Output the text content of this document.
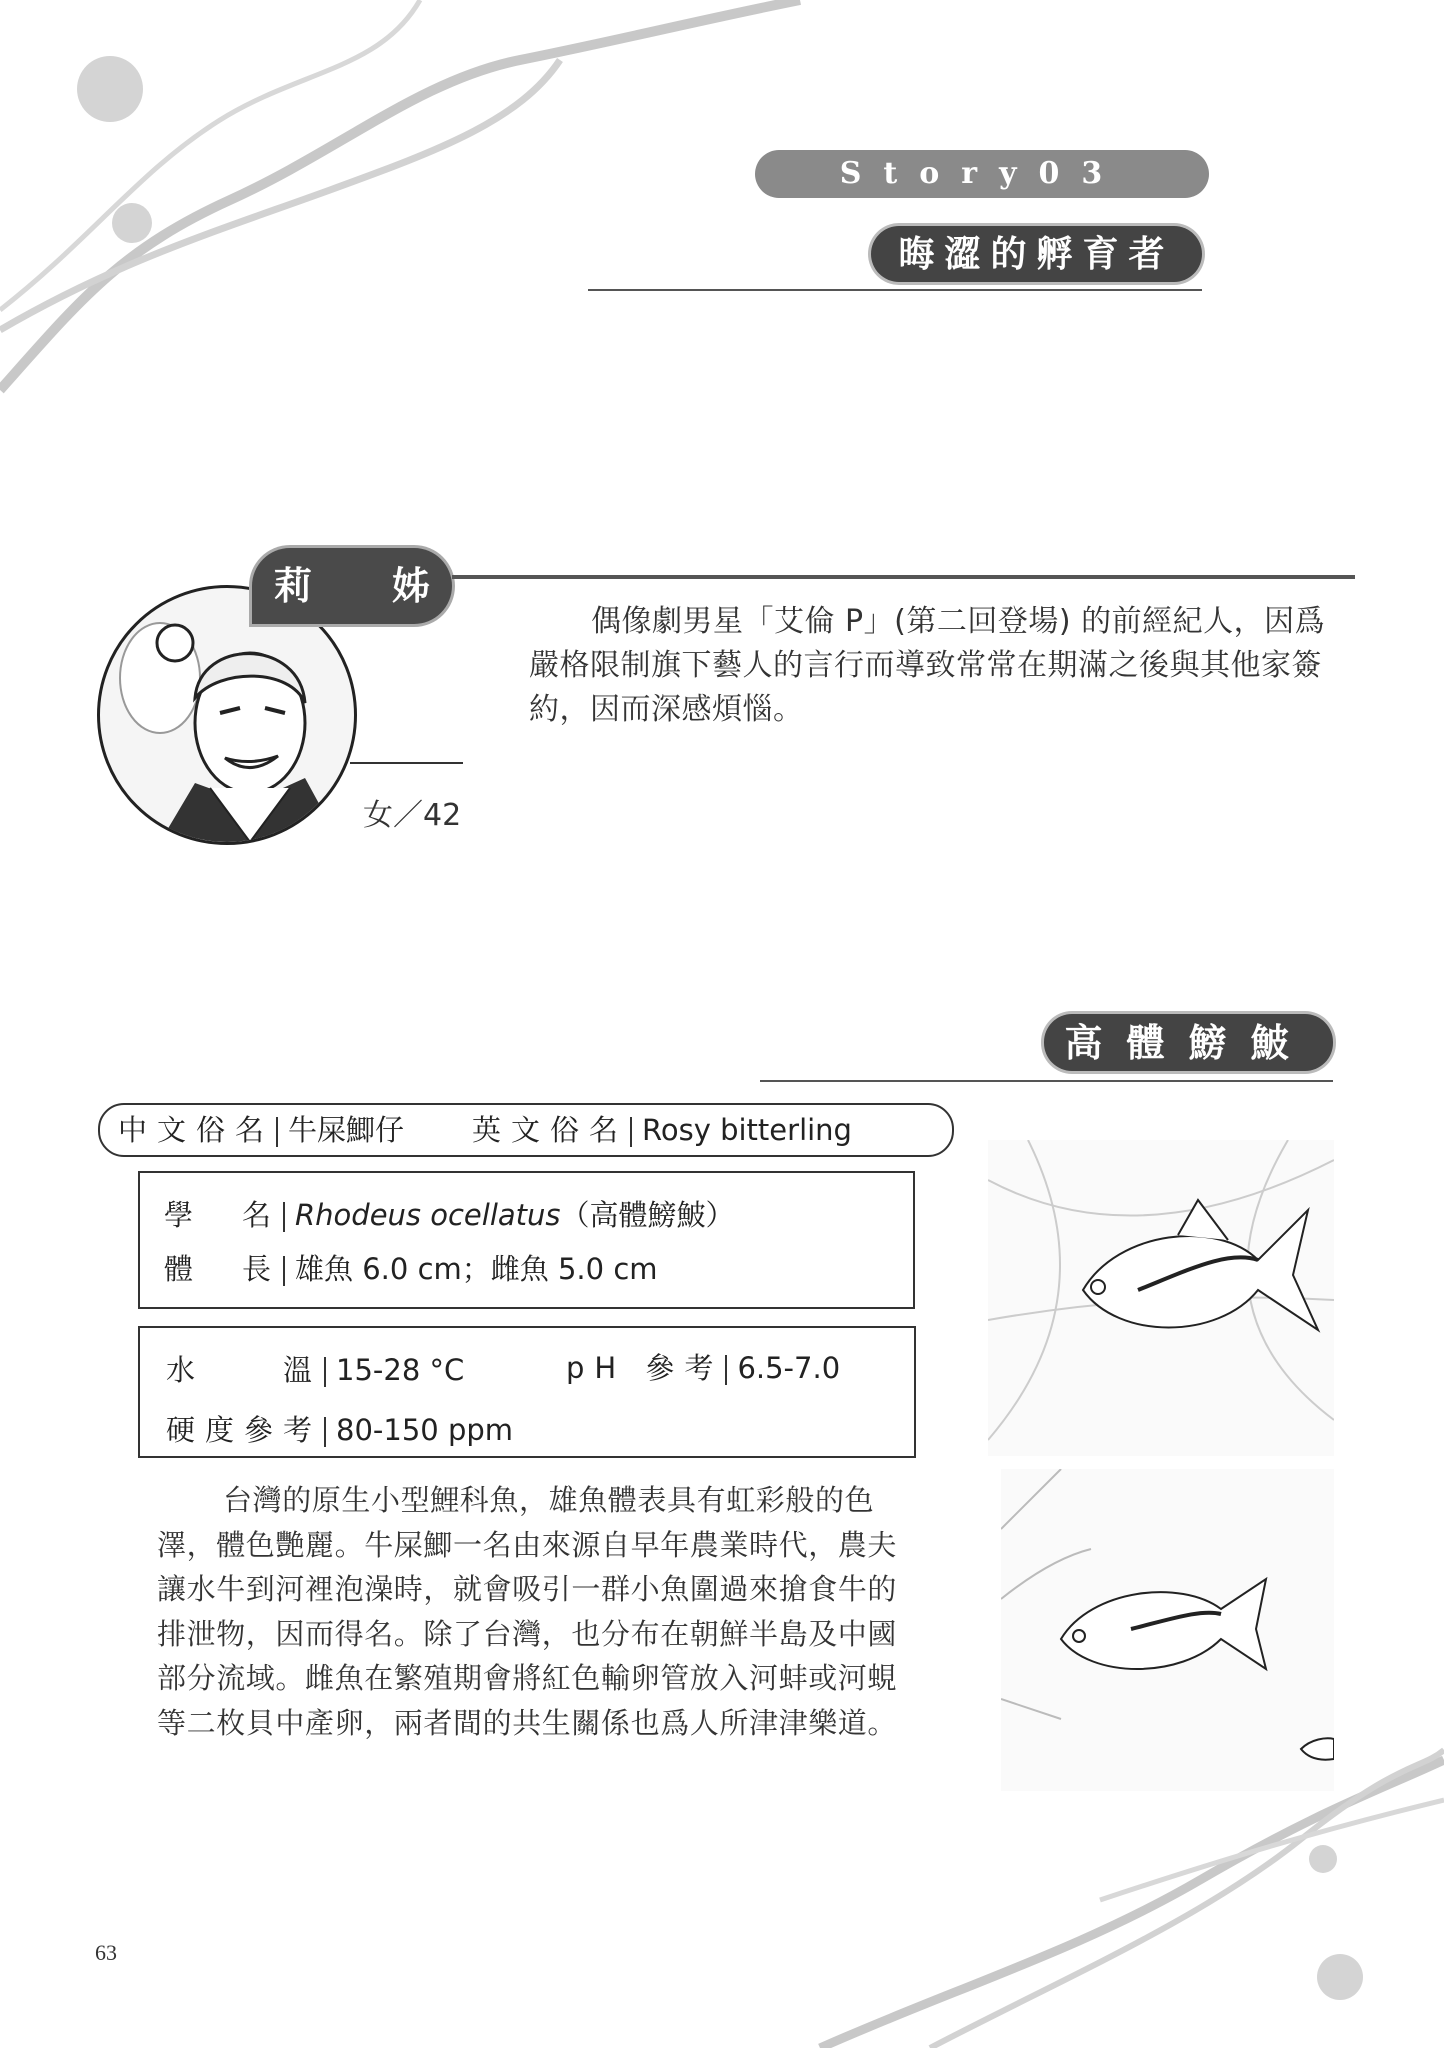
Story03
晦澀的孵育者
莉 姊
女／42
偶像劇男星「艾倫 P」(第二回登場) 的前經紀人，因爲嚴格限制旗下藝人的言行而導致常常在期滿之後與其他家簽約，因而深感煩惱。
高體鰟鮍
中文俗名 牛屎鯽仔 英文俗名 Rosy bitterling
學　名 Rhodeus ocellatus（高體鰟鮍）
體　長 雄魚 6.0 cm；雌魚 5.0 cm
水　　溫 15-28 °C	pH 參考 6.5-7.0
硬度參考 80-150 ppm
台灣的原生小型鯉科魚，雄魚體表具有虹彩般的色澤，體色艷麗。牛屎鯽一名由來源自早年農業時代，農夫讓水牛到河裡泡澡時，就會吸引一群小魚圍過來搶食牛的排泄物，因而得名。除了台灣，也分布在朝鮮半島及中國部分流域。雌魚在繁殖期會將紅色輸卵管放入河蚌或河蜆等二枚貝中產卵，兩者間的共生關係也爲人所津津樂道。
63
